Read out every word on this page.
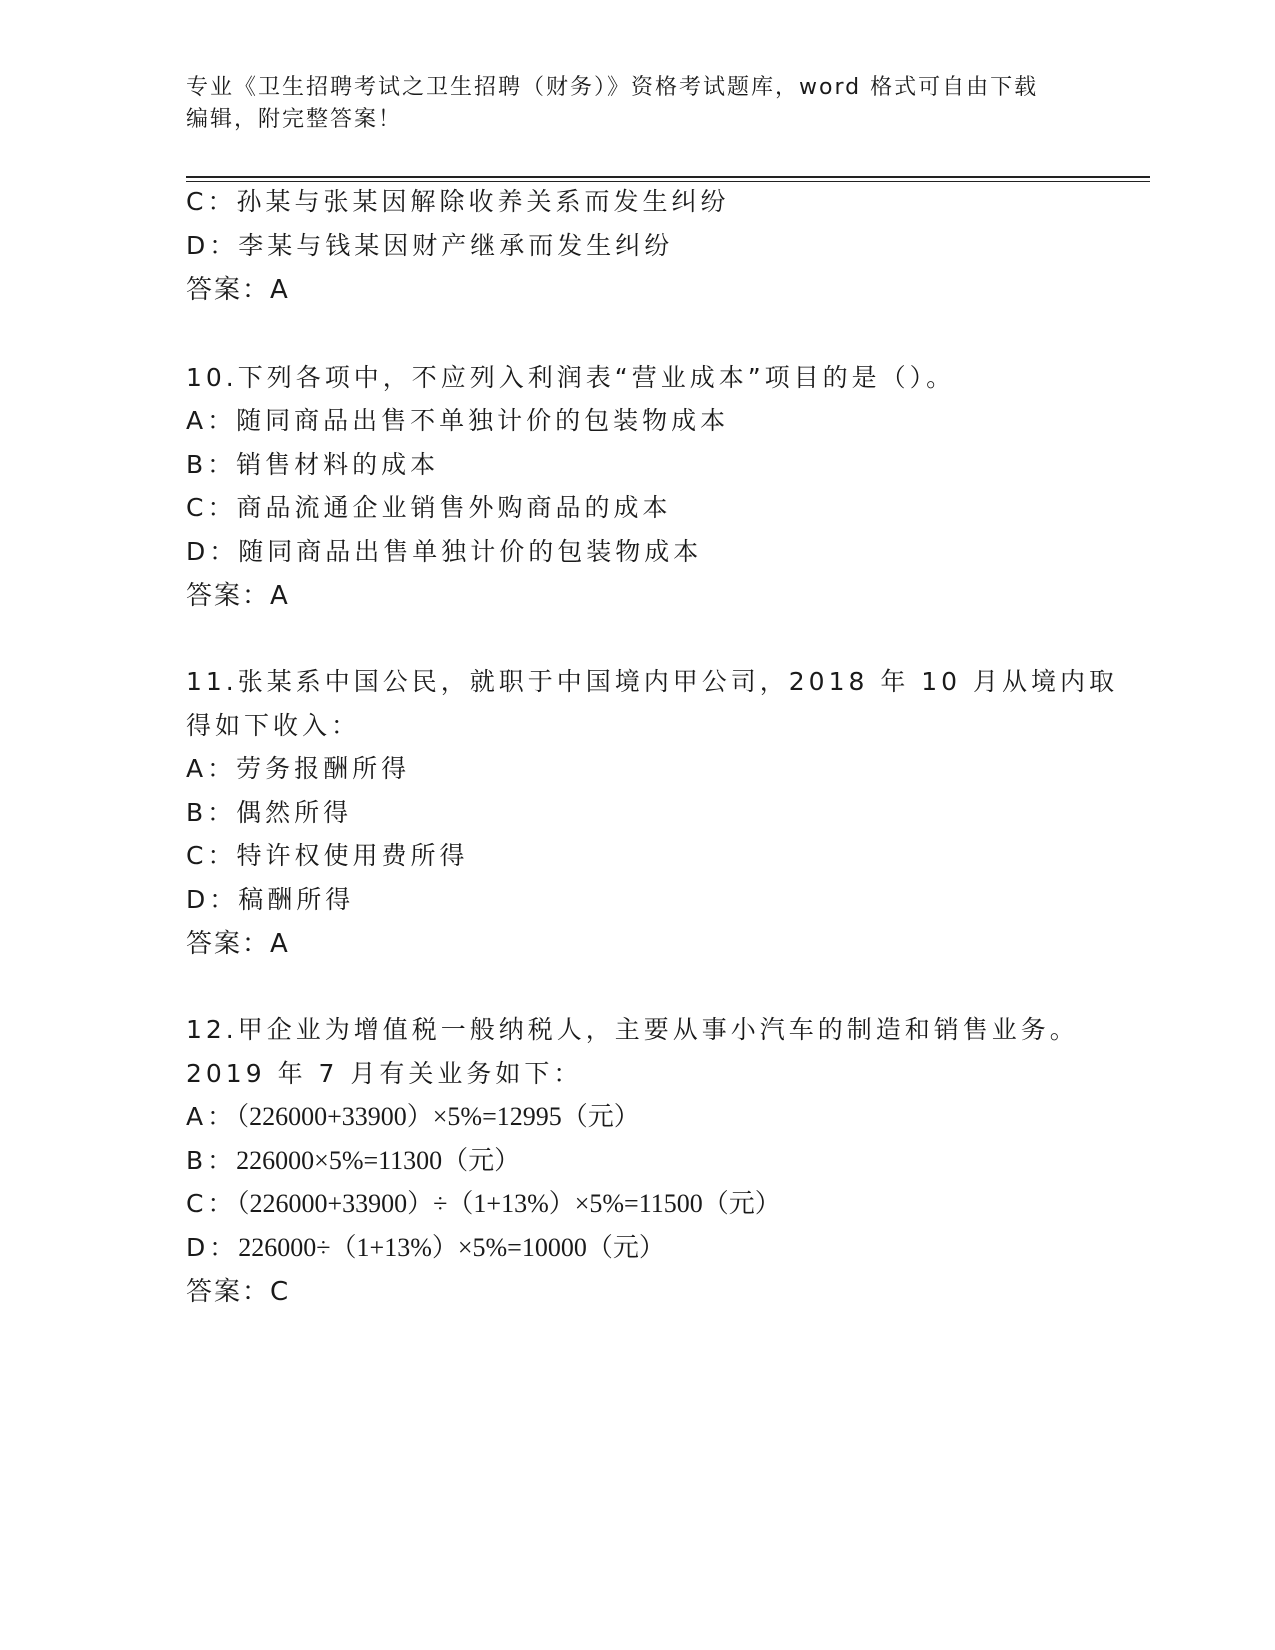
专业《卫生招聘考试之卫生招聘（财务）》资格考试题库，word 格式可自由下载
编辑，附完整答案！
C：孙某与张某因解除收养关系而发生纠纷
D：李某与钱某因财产继承而发生纠纷
答案：A
10.下列各项中，不应列入利润表“营业成本”项目的是（）。
A：随同商品出售不单独计价的包装物成本
B：销售材料的成本
C：商品流通企业销售外购商品的成本
D：随同商品出售单独计价的包装物成本
答案：A
11.张某系中国公民，就职于中国境内甲公司，2018 年 10 月从境内取
得如下收入：
A：劳务报酬所得
B：偶然所得
C：特许权使用费所得
D：稿酬所得
答案：A
12.甲企业为增值税一般纳税人，主要从事小汽车的制造和销售业务。
2019 年 7 月有关业务如下：
A：（226000+33900）×5%=12995（元）
B：226000×5%=11300（元）
C：（226000+33900）÷（1+13%）×5%=11500（元）
D：226000÷（1+13%）×5%=10000（元）
答案：C
